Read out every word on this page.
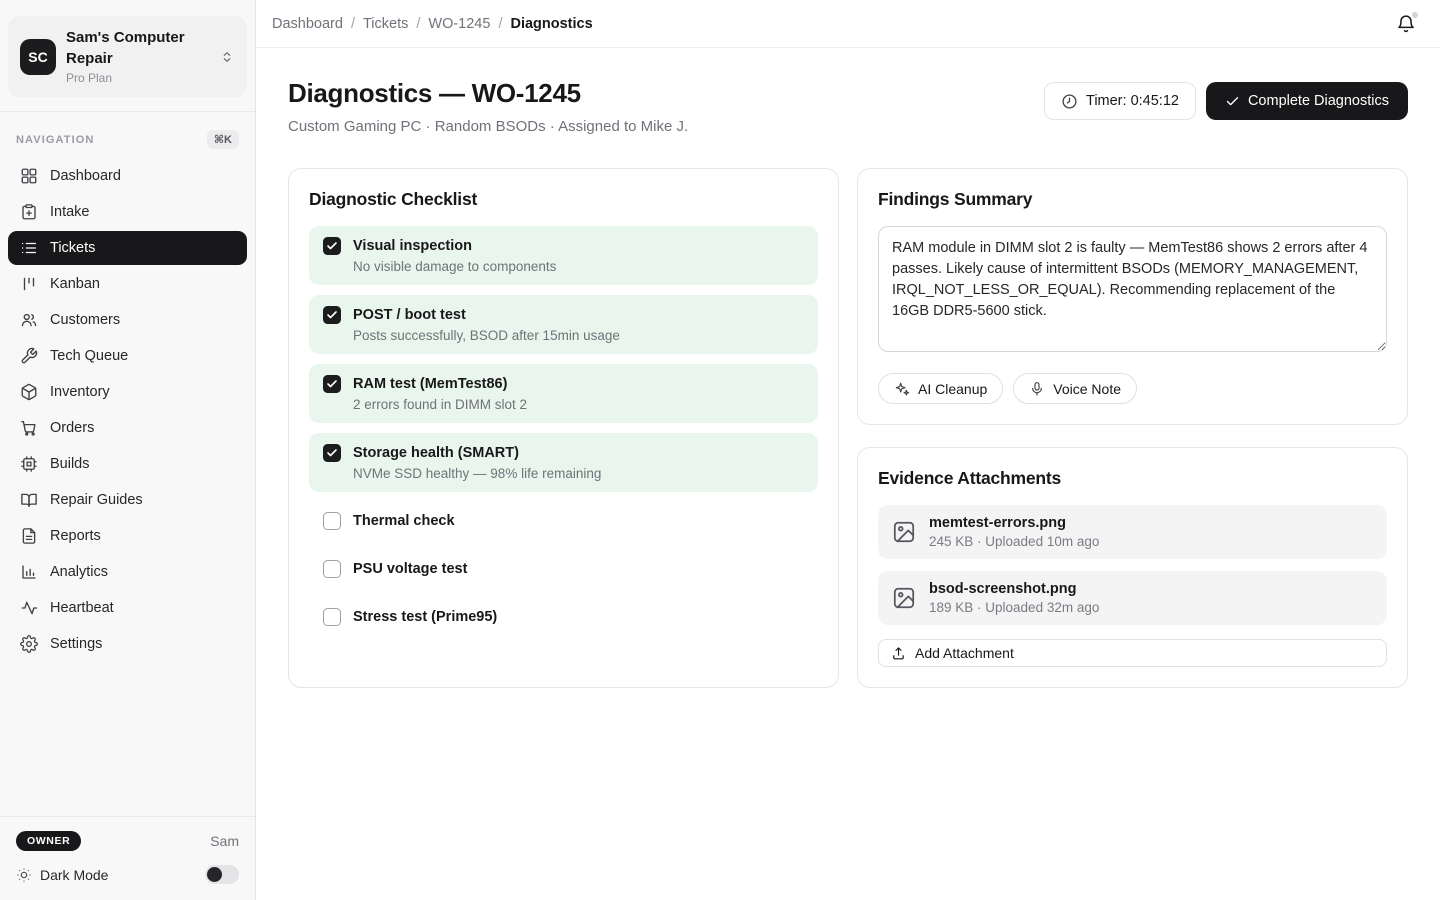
SC
Sam's Computer Repair
Pro Plan
NAVIGATION	⌘K
Dashboard
Intake
Tickets
Kanban
Customers
Tech Queue
Inventory
Orders
Builds
Repair Guides
Reports
Analytics
Heartbeat
Settings
OWNER	Sam
Dark Mode
Dashboard / Tickets / WO-1245 / Diagnostics
Diagnostics — WO-1245
Custom Gaming PC · Random BSODs · Assigned to Mike J.
Timer: 0:45:12	Complete Diagnostics
Diagnostic Checklist
Visual inspection
No visible damage to components
POST / boot test
Posts successfully, BSOD after 15min usage
RAM test (MemTest86)
2 errors found in DIMM slot 2
Storage health (SMART)
NVMe SSD healthy — 98% life remaining
Thermal check
PSU voltage test
Stress test (Prime95)
Findings Summary
RAM module in DIMM slot 2 is faulty — MemTest86 shows 2 errors after 4 passes. Likely cause of intermittent BSODs (MEMORY_MANAGEMENT, IRQL_NOT_LESS_OR_EQUAL). Recommending replacement of the 16GB DDR5-5600 stick.
AI Cleanup	Voice Note
Evidence Attachments
memtest-errors.png
245 KB · Uploaded 10m ago
bsod-screenshot.png
189 KB · Uploaded 32m ago
Add Attachment
